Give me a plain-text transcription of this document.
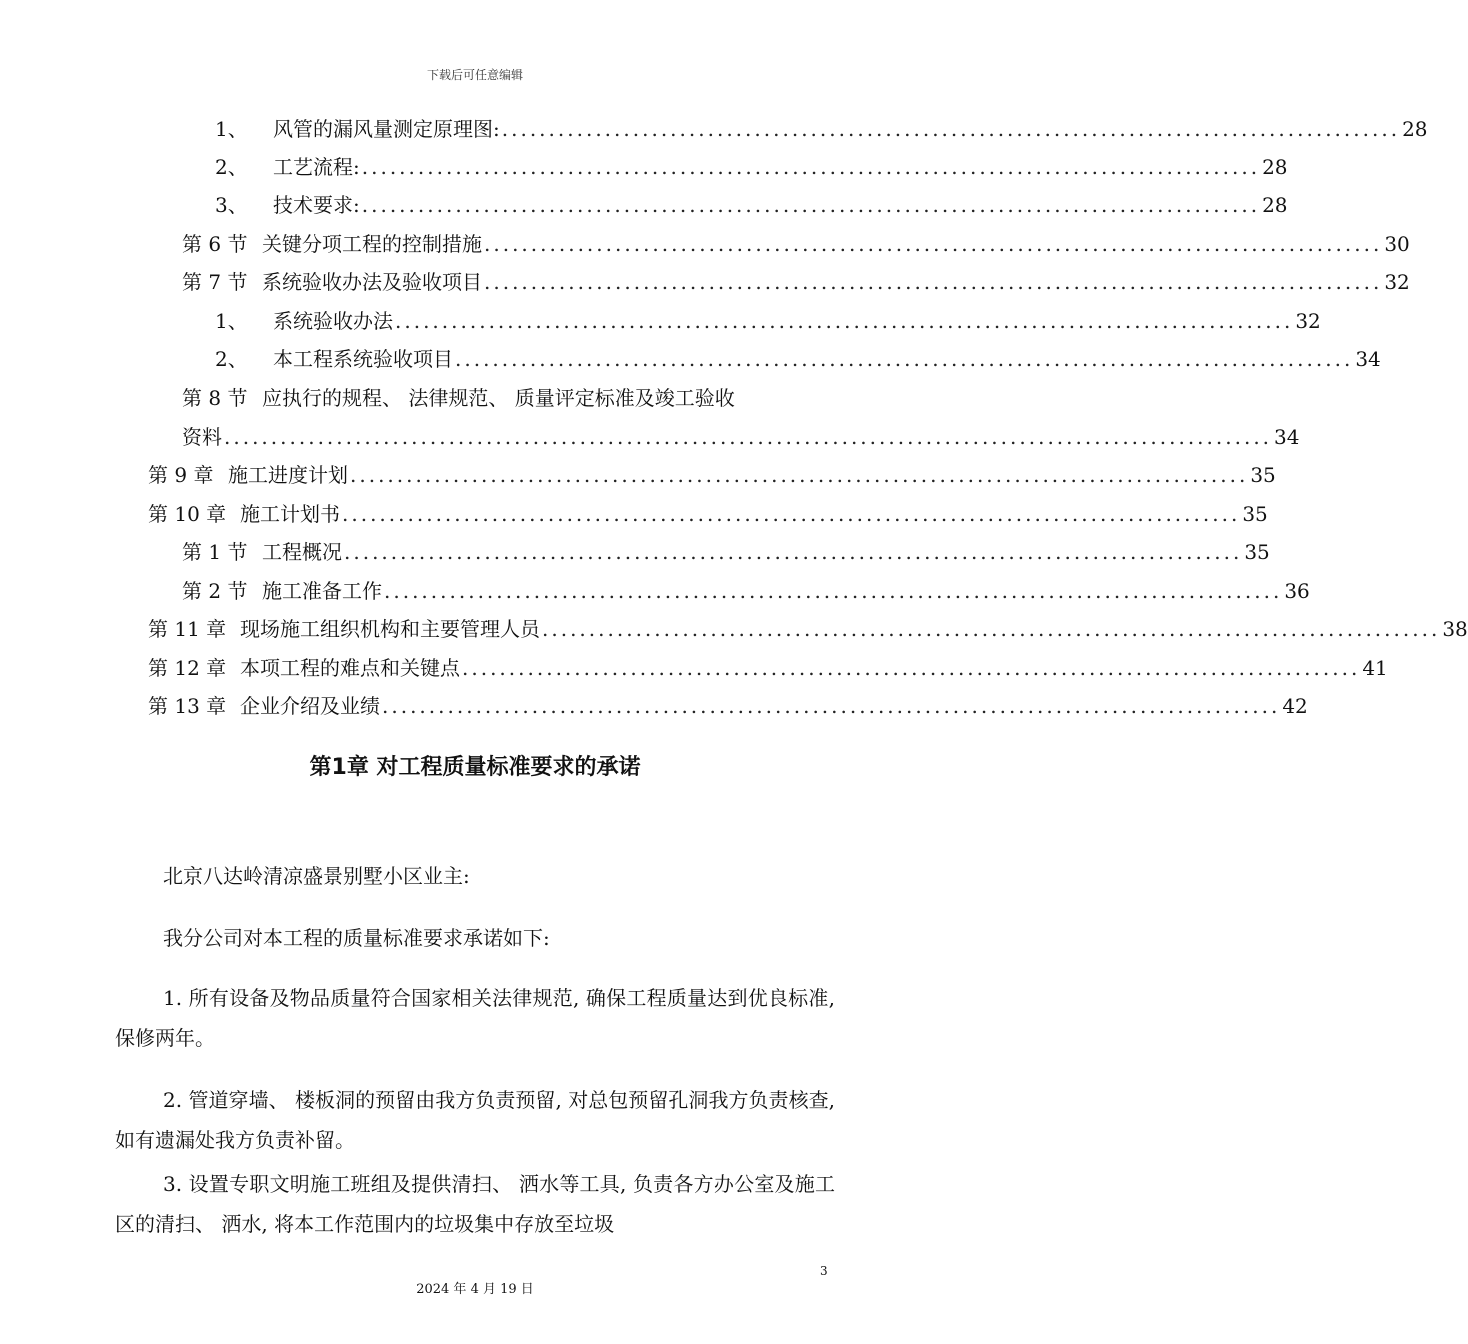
下载后可任意编辑
1、 风管的漏风量测定原理图: ................................................................................................ 28
2、 工艺流程: ................................................................................................ 28
3、 技术要求: ................................................................................................ 28
第 6 节 关键分项工程的控制措施 ................................................................................................ 30
第 7 节 系统验收办法及验收项目 ................................................................................................ 32
1、 系统验收办法 ................................................................................................ 32
2、 本工程系统验收项目 ................................................................................................ 34
第 8 节 应执行的规程、 法律规范、 质量评定标准及竣工验收
资料 ................................................................................................................ 34
第 9 章 施工进度计划 ................................................................................................ 35
第 10 章 施工计划书 ................................................................................................ 35
第 1 节 工程概况 ................................................................................................ 35
第 2 节 施工准备工作 ................................................................................................ 36
第 11 章 现场施工组织机构和主要管理人员 ................................................................................................ 38
第 12 章 本项工程的难点和关键点 ................................................................................................ 41
第 13 章 企业介绍及业绩 ................................................................................................ 42
第1章 对工程质量标准要求的承诺
北京八达岭清凉盛景别墅小区业主:
我分公司对本工程的质量标准要求承诺如下:
1. 所有设备及物品质量符合国家相关法律规范, 确保工程质量达到优良标准, 保修两年。
2. 管道穿墙、 楼板洞的预留由我方负责预留, 对总包预留孔洞我方负责核查, 如有遗漏处我方负责补留。
3. 设置专职文明施工班组及提供清扫、 洒水等工具, 负责各方办公室及施工区的清扫、 洒水, 将本工作范围内的垃圾集中存放至垃圾
3
2024 年 4 月 19 日
